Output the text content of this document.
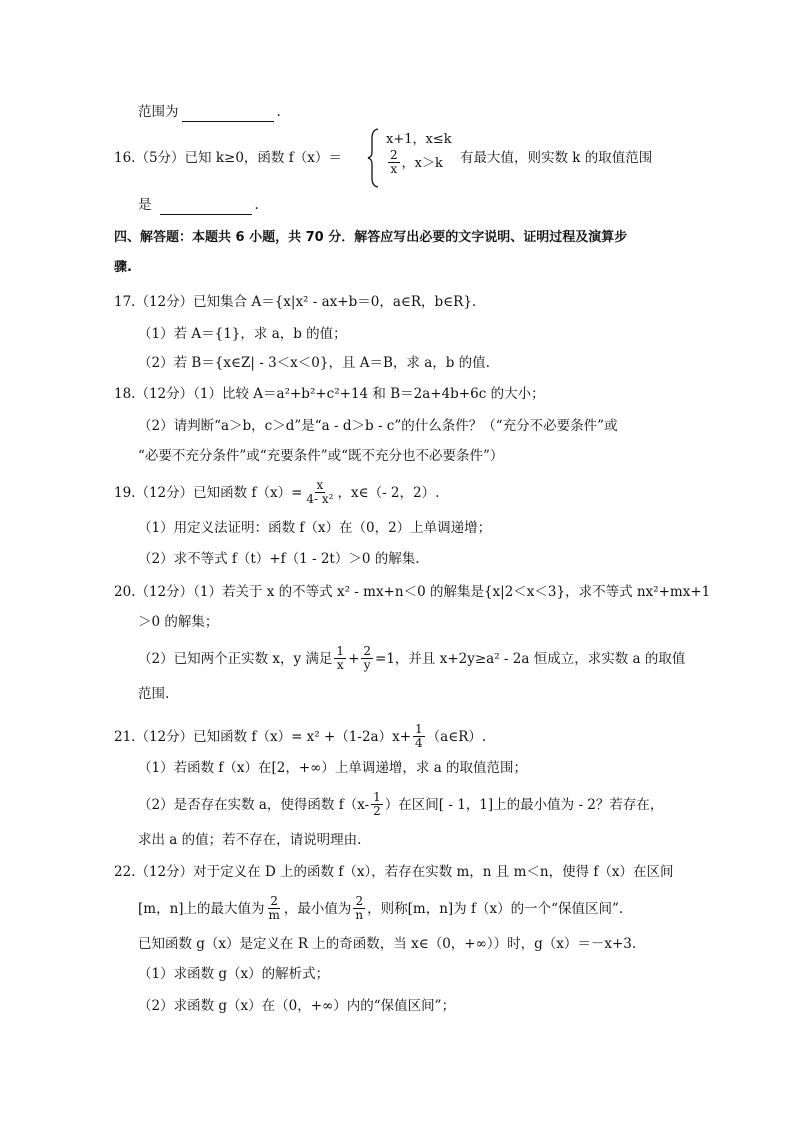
范围为	.
16.（5分）已知 k≥0，函数 f（x）＝
x+1，x≤k
$\frac{2}{x}$ ，x＞k 有最大值，则实数 k 的取值范围
是	.
四、解答题：本题共 6 小题，共 70 分．解答应写出必要的文字说明、证明过程及演算步
骤.
17.（12分）已知集合 A＝{x|x² - ax+b＝0，a∈R，b∈R}.
（1）若 A＝{1}，求 a，b 的值；
（2）若 B＝{x∈Z| - 3＜x＜0}，且 A＝B，求 a，b 的值.
18.（12分）（1）比较 A＝a²+b²+c²+14 和 B＝2a+4b+6c 的大小；
（2）请判断“a＞b，c＞d”是“a - d＞b - c”的什么条件？（“充分不必要条件”或
“必要不充分条件”或“充要条件”或“既不充分也不必要条件”）
19.（12分）已知函数 $f(x)= \frac{x}{\text{4- x²}}$ ，x∈（- 2，2）.
（1）用定义法证明：函数 f（x）在（0，2）上单调递增；
（2）求不等式 f（t）+f（1 - 2t）＞0 的解集.
20.（12分）（1）若关于 x 的不等式 x² - mx+n＜0 的解集是{x|2＜x＜3}，求不等式 nx²+mx+1
＞0 的解集；
（2）已知两个正实数 x，y 满足 $\frac{1}{x} + \frac{2}{y} =1$，并且 x+2y≥a² - 2a 恒成立，求实数 a 的取值
范围.
21.（12分）已知函数 $f(x)= x^2 +(1-2a)x+ \frac{1}{4}$ （a∈R）.
（1）若函数 f（x）在[2，+∞）上单调递增，求 a 的取值范围；
（2）是否存在实数 a，使得函数 $f(x- \frac{1}{2}$ ）在区间[ - 1，1]上的最小值为 - 2？若存在，
求出 a 的值；若不存在，请说明理由.
22.（12分）对于定义在 D 上的函数 f（x），若存在实数 m，n 且 m＜n，使得 f（x）在区间
[m，n]上的最大值为 $\frac{2}{m}$ ，最小值为 $\frac{2}{n}$ ，则称[m，n]为 f（x）的一个“保值区间”.
已知函数 g（x）是定义在 R 上的奇函数，当 x∈（0，+∞））时，g（x）＝－x+3.
（1）求函数 g（x）的解析式；
（2）求函数 g（x）在（0，+∞）内的“保值区间”；
